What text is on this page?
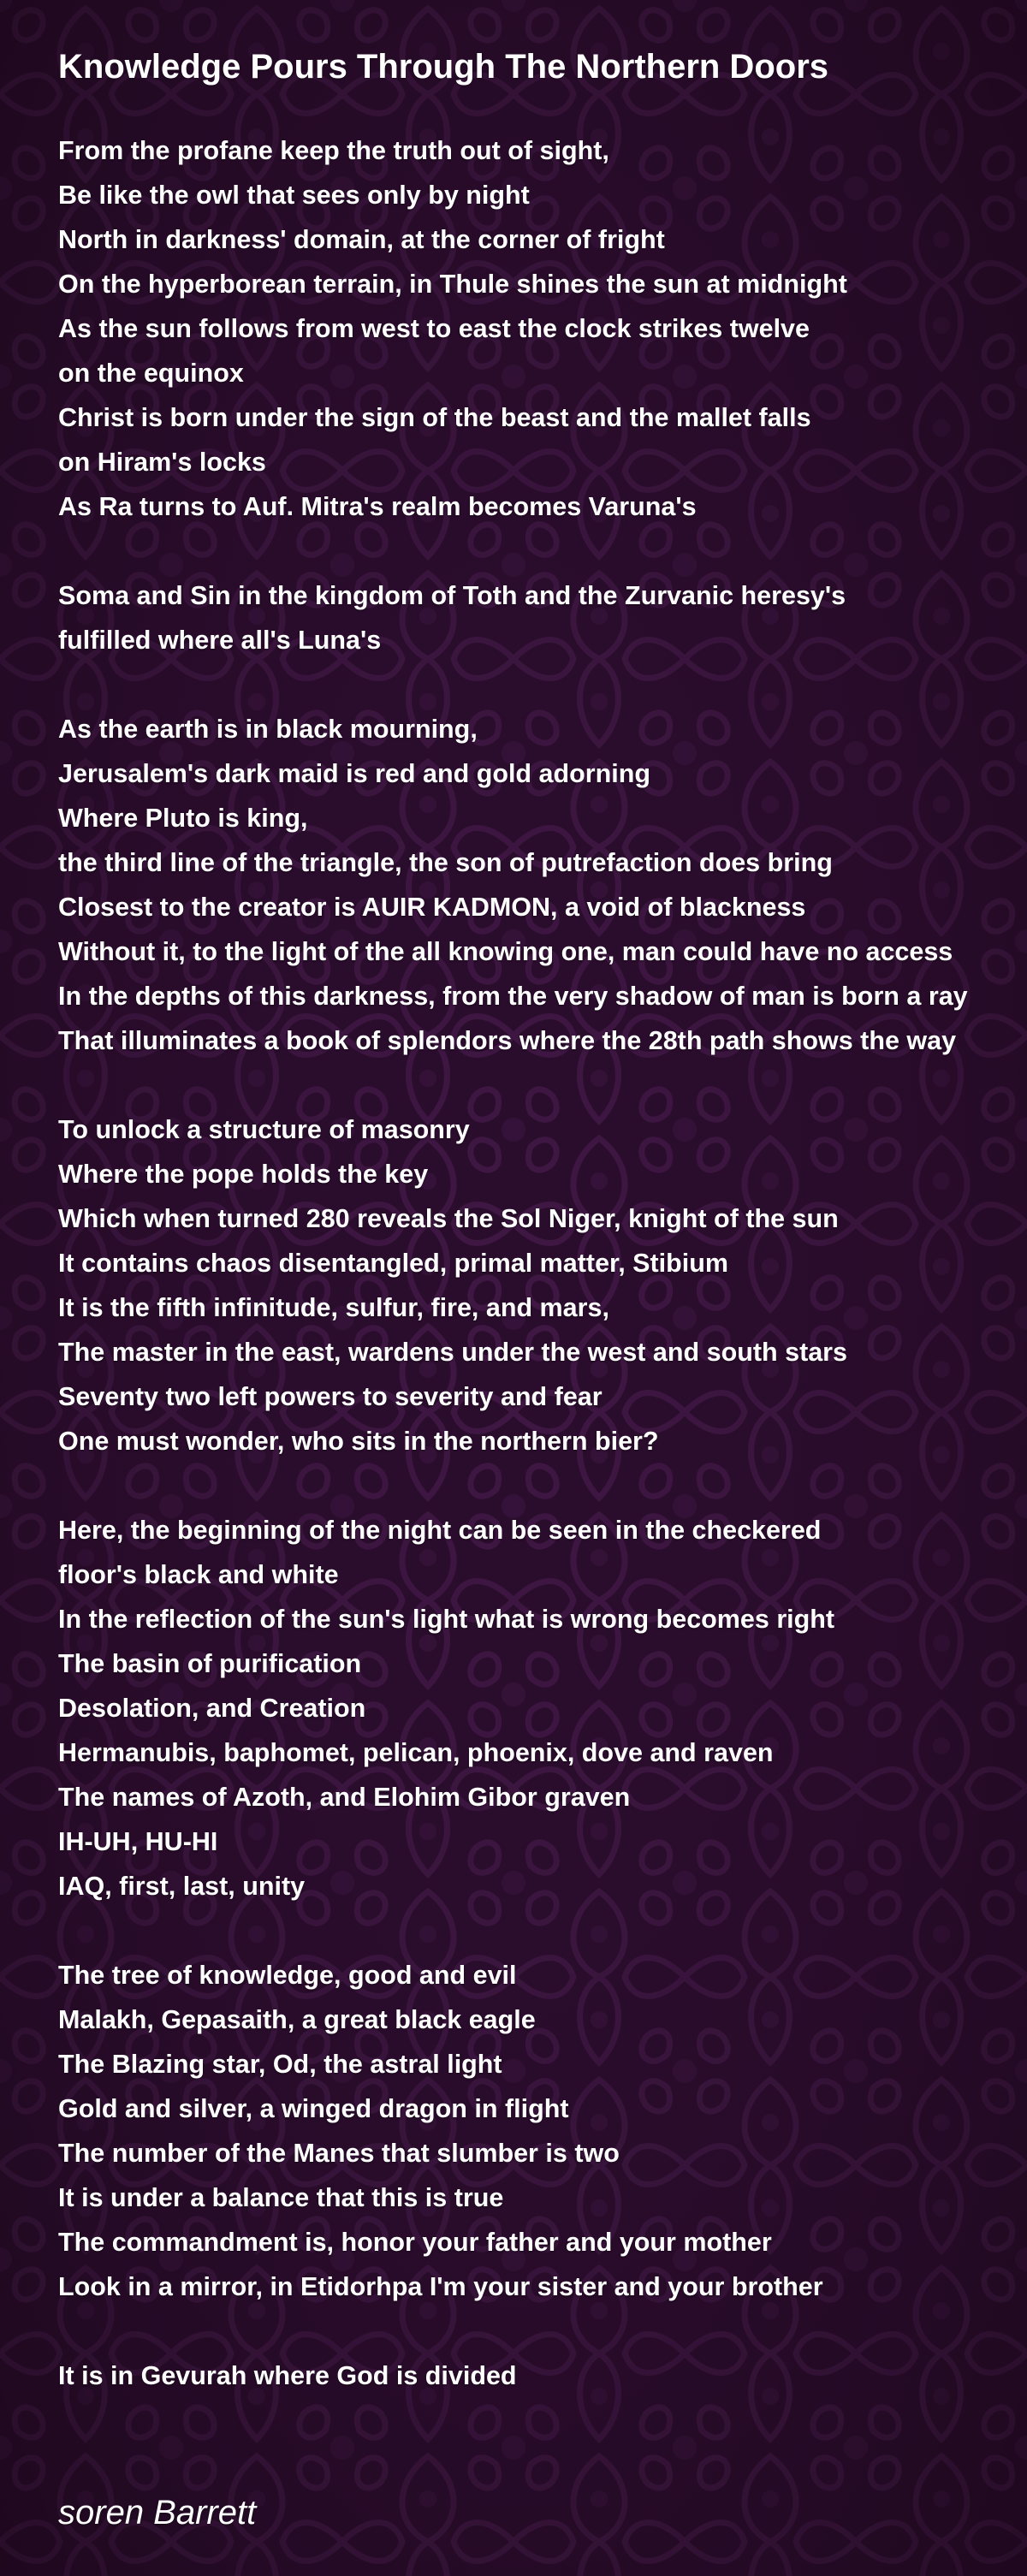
Knowledge Pours Through The Northern Doors
From the profane keep the truth out of sight,
Be like the owl that sees only by night
North in darkness' domain, at the corner of fright
On the hyperborean terrain, in Thule shines the sun at midnight
As the sun follows from west to east the clock strikes twelve
on the equinox
Christ is born under the sign of the beast and the mallet falls
on Hiram's locks
As Ra turns to Auf. Mitra's realm becomes Varuna's
Soma and Sin in the kingdom of Toth and the Zurvanic heresy's
fulfilled where all's Luna's
As the earth is in black mourning,
Jerusalem's dark maid is red and gold adorning
Where Pluto is king,
the third line of the triangle, the son of putrefaction does bring
Closest to the creator is AUIR KADMON, a void of blackness
Without it, to the light of the all knowing one, man could have no access
In the depths of this darkness, from the very shadow of man is born a ray
That illuminates a book of splendors where the 28th path shows the way
To unlock a structure of masonry
Where the pope holds the key
Which when turned 280 reveals the Sol Niger, knight of the sun
It contains chaos disentangled, primal matter, Stibium
It is the fifth infinitude, sulfur, fire, and mars,
The master in the east, wardens under the west and south stars
Seventy two left powers to severity and fear
One must wonder, who sits in the northern bier?
Here, the beginning of the night can be seen in the checkered
floor's black and white
In the reflection of the sun's light what is wrong becomes right
The basin of purification
Desolation, and Creation
Hermanubis, baphomet, pelican, phoenix, dove and raven
The names of Azoth, and Elohim Gibor graven
IH-UH, HU-HI
IAQ, first, last, unity
The tree of knowledge, good and evil
Malakh, Gepasaith, a great black eagle
The Blazing star, Od, the astral light
Gold and silver, a winged dragon in flight
The number of the Manes that slumber is two
It is under a balance that this is true
The commandment is, honor your father and your mother
Look in a mirror, in Etidorhpa I'm your sister and your brother
It is in Gevurah where God is divided
soren Barrett
